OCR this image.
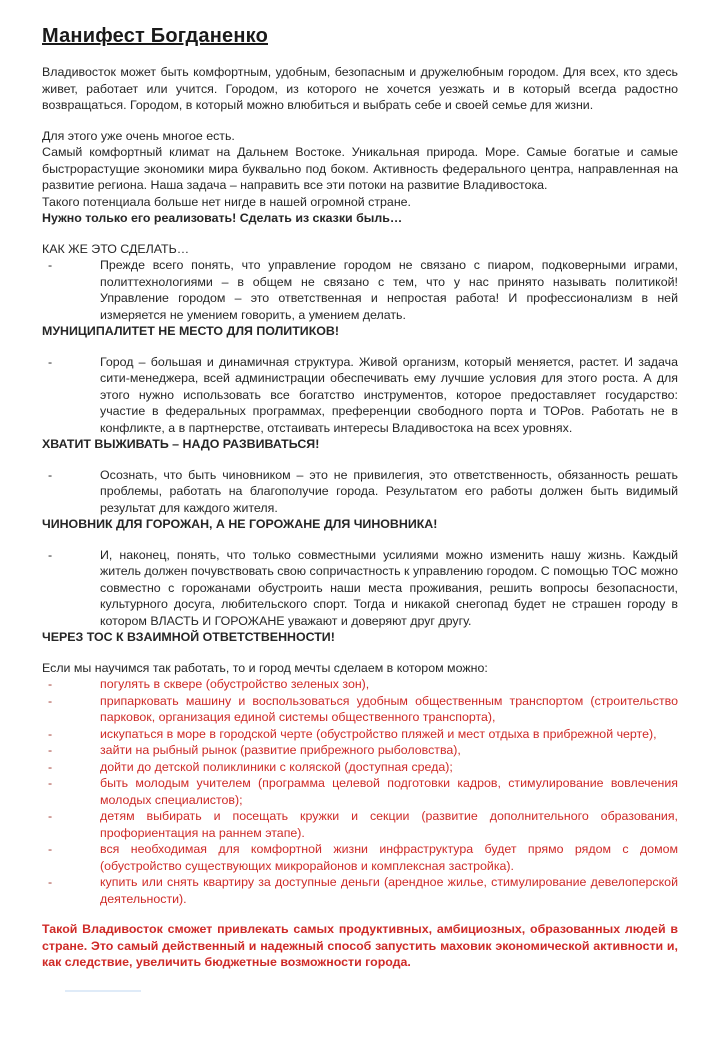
Манифест Богданенко

Владивосток может быть комфортным, удобным, безопасным и дружелюбным городом. Для всех, кто здесь живет, работает или учится. Городом, из которого не хочется уезжать и в который всегда радостно возвращаться. Городом, в который можно влюбиться и выбрать себе и своей семье для жизни.

Для этого уже очень многое есть.

Самый комфортный климат на Дальнем Востоке. Уникальная природа. Море. Самые богатые и самые быстрорастущие экономики мира буквально под боком. Активность федерального центра, направленная на развитие региона. Наша задача – направить все эти потоки на развитие Владивостока.

Такого потенциала больше нет нигде в нашей огромной стране.

Нужно только его реализовать! Сделать из сказки быль…

КАК ЖЕ ЭТО СДЕЛАТЬ…

-	Прежде всего понять, что управление городом не связано с пиаром, подковерными играми, политтехнологиями – в общем не связано с тем, что у нас принято называть политикой! Управление городом – это ответственная и непростая работа! И профессионализм в ней измеряется не умением говорить, а умением делать.

МУНИЦИПАЛИТЕТ НЕ МЕСТО ДЛЯ ПОЛИТИКОВ!

-	Город – большая и динамичная структура. Живой организм, который меняется, растет. И задача сити-менеджера, всей администрации обеспечивать ему лучшие условия для этого роста. А для этого нужно использовать все богатство инструментов, которое предоставляет государство: участие в федеральных программах, преференции свободного порта и ТОРов. Работать не в конфликте, а в партнерстве, отстаивать интересы Владивостока на всех уровнях.

ХВАТИТ ВЫЖИВАТЬ – НАДО РАЗВИВАТЬСЯ!

-	Осознать, что быть чиновником – это не привилегия, это ответственность, обязанность решать проблемы, работать на благополучие города. Результатом его работы должен быть видимый результат для каждого жителя.

ЧИНОВНИК ДЛЯ ГОРОЖАН, А НЕ ГОРОЖАНЕ ДЛЯ ЧИНОВНИКА!

-	И, наконец, понять, что только совместными усилиями можно изменить нашу жизнь. Каждый житель должен почувствовать свою сопричастность к управлению городом. С помощью ТОС можно совместно с горожанами обустроить наши места проживания, решить вопросы безопасности, культурного досуга, любительского спорт. Тогда и никакой снегопад будет не страшен городу в котором ВЛАСТЬ И ГОРОЖАНЕ уважают и доверяют друг другу.

ЧЕРЕЗ ТОС К ВЗАИМНОЙ ОТВЕТСТВЕННОСТИ!

Если мы научимся так работать, то и город мечты сделаем в котором можно:

-	погулять в сквере (обустройство зеленых зон),

-	припарковать машину и воспользоваться удобным общественным транспортом (строительство парковок, организация единой системы общественного транспорта),

-	искупаться в море в городской черте (обустройство пляжей и мест отдыха в прибрежной черте),

-	зайти на рыбный рынок (развитие прибрежного рыболовства),

-	дойти до детской поликлиники с коляской (доступная среда);

-	быть молодым учителем (программа целевой подготовки кадров, стимулирование вовлечения молодых специалистов);

-	детям выбирать и посещать кружки и секции (развитие дополнительного образования, профориентация на раннем этапе).

-	вся необходимая для комфортной жизни инфраструктура будет прямо рядом с домом (обустройство существующих микрорайонов и комплексная застройка).

-	купить или снять квартиру за доступные деньги (арендное жилье, стимулирование девелоперской деятельности).

Такой Владивосток сможет привлекать самых продуктивных, амбициозных, образованных людей в стране. Это самый действенный и надежный способ запустить маховик экономической активности и, как следствие, увеличить бюджетные возможности города.
